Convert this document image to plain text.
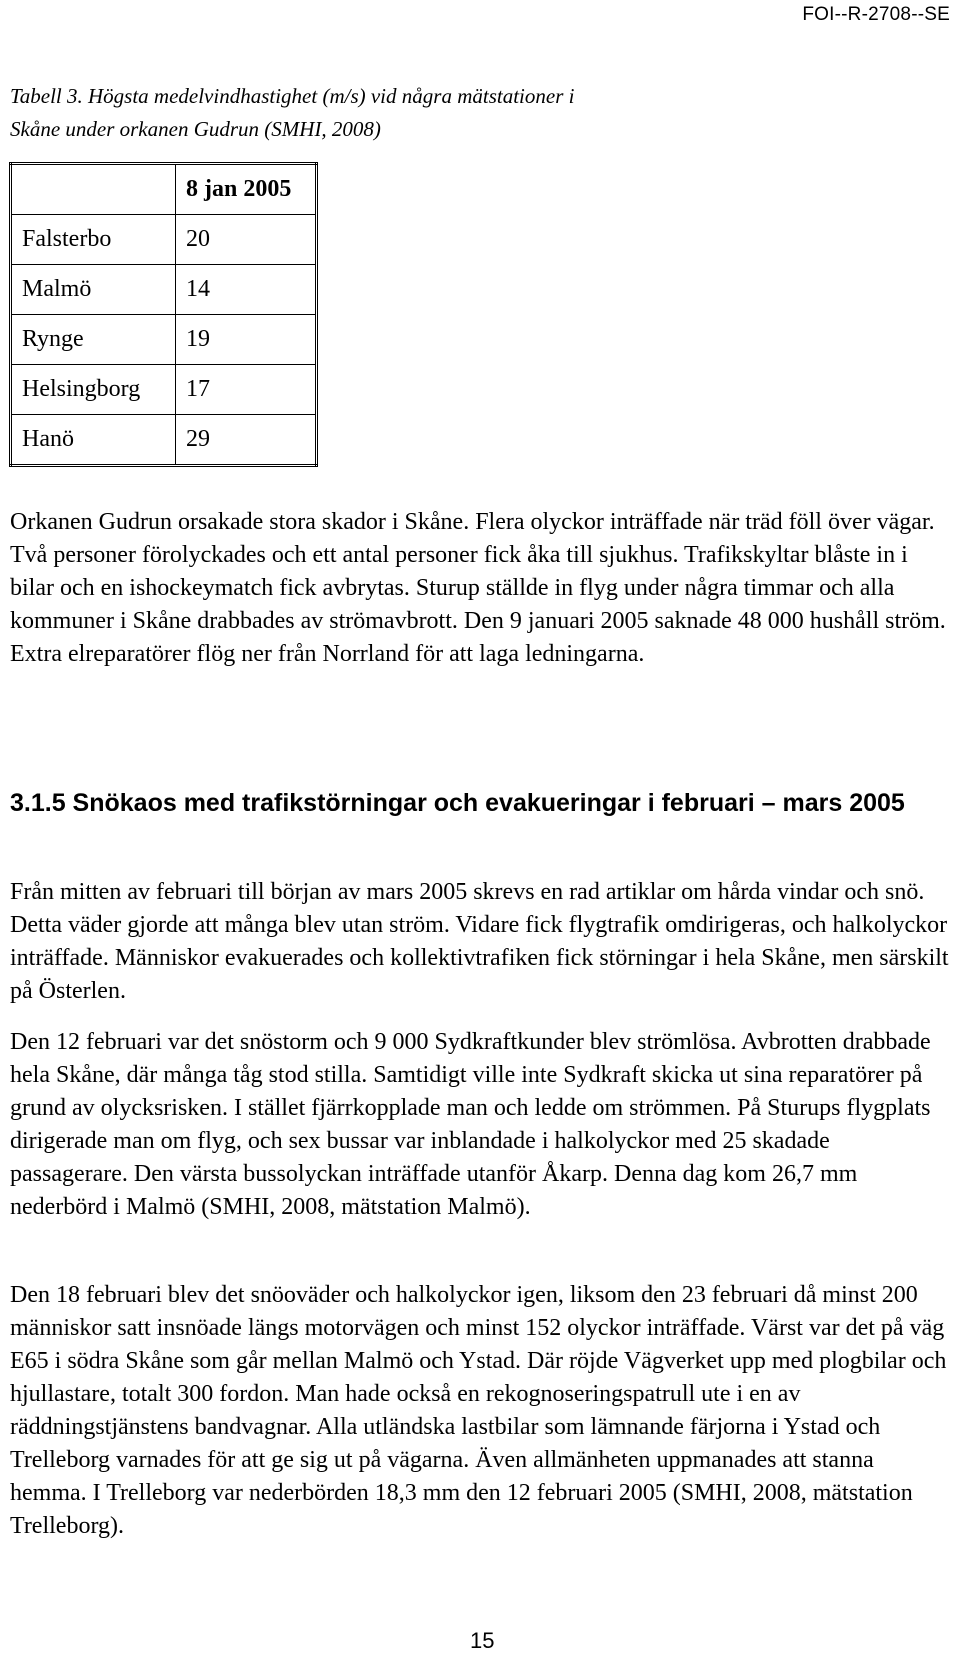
FOI--R-2708--SE
Tabell 3. Högsta medelvindhastighet (m/s) vid några mätstationer i Skåne under orkanen Gudrun (SMHI, 2008)
	8 jan 2005
Falsterbo	20
Malmö	14
Rynge	19
Helsingborg	17
Hanö	29

Orkanen Gudrun orsakade stora skador i Skåne. Flera olyckor inträffade när träd föll över vägar. Två personer förolyckades och ett antal personer fick åka till sjukhus. Trafikskyltar blåste in i bilar och en ishockeymatch fick avbrytas. Sturup ställde in flyg under några timmar och alla kommuner i Skåne drabbades av strömavbrott. Den 9 januari 2005 saknade 48 000 hushåll ström. Extra elreparatörer flög ner från Norrland för att laga ledningarna.

3.1.5 Snökaos med trafikstörningar och evakueringar i februari – mars 2005

Från mitten av februari till början av mars 2005 skrevs en rad artiklar om hårda vindar och snö. Detta väder gjorde att många blev utan ström. Vidare fick flygtrafik omdirigeras, och halkolyckor inträffade. Människor evakuerades och kollektivtrafiken fick störningar i hela Skåne, men särskilt på Österlen.

Den 12 februari var det snöstorm och 9 000 Sydkraftkunder blev strömlösa. Avbrotten drabbade hela Skåne, där många tåg stod stilla. Samtidigt ville inte Sydkraft skicka ut sina reparatörer på grund av olycksrisken. I stället fjärrkopplade man och ledde om strömmen. På Sturups flygplats dirigerade man om flyg, och sex bussar var inblandade i halkolyckor med 25 skadade passagerare. Den värsta bussolyckan inträffade utanför Åkarp. Denna dag kom 26,7 mm nederbörd i Malmö (SMHI, 2008, mätstation Malmö).

Den 18 februari blev det snöoväder och halkolyckor igen, liksom den 23 februari då minst 200 människor satt insnöade längs motorvägen och minst 152 olyckor inträffade. Värst var det på väg E65 i södra Skåne som går mellan Malmö och Ystad. Där röjde Vägverket upp med plogbilar och hjullastare, totalt 300 fordon. Man hade också en rekognoseringspatrull ute i en av räddningstjänstens bandvagnar. Alla utländska lastbilar som lämnande färjorna i Ystad och Trelleborg varnades för att ge sig ut på vägarna. Även allmänheten uppmanades att stanna hemma. I Trelleborg var nederbörden 18,3 mm den 12 februari 2005 (SMHI, 2008, mätstation Trelleborg).

15
